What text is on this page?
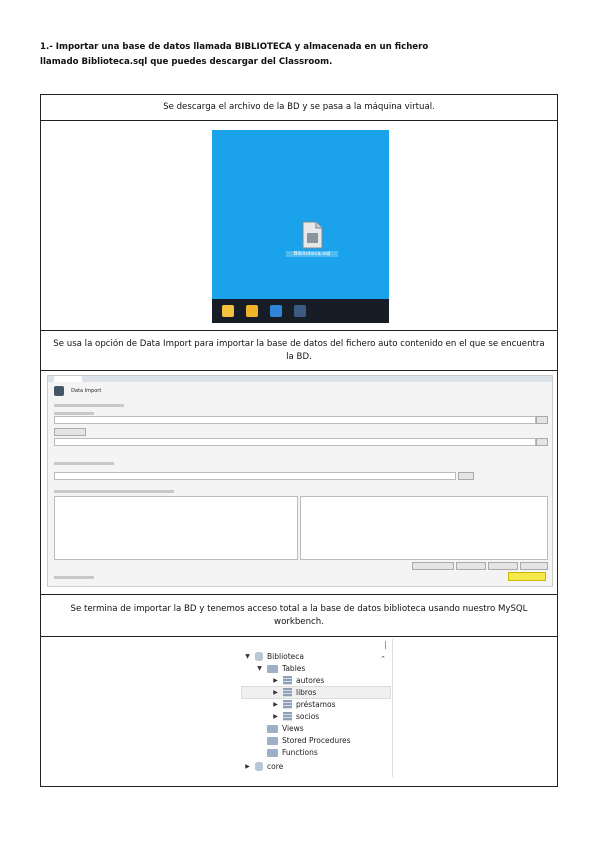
1.- Importar una base de datos llamada BIBLIOTECA y almacenada en un fichero
llamado Biblioteca.sql que puedes descargar del Classroom.
Se descarga el archivo de la BD y se pasa a la máquina virtual.
Biblioteca.sql
Se usa la opción de Data Import para importar la base de datos del fichero auto contenido en el que se encuentra la BD.
Data Import
Se termina de importar la BD y tenemos acceso total a la base de datos biblioteca usando nuestro MySQL workbench.
⌃
▼ Biblioteca
▼	Tables
▶ autores
▶ libros
▶ préstamos
▶ socios
Views
Stored Procedures
Functions
▶ core
